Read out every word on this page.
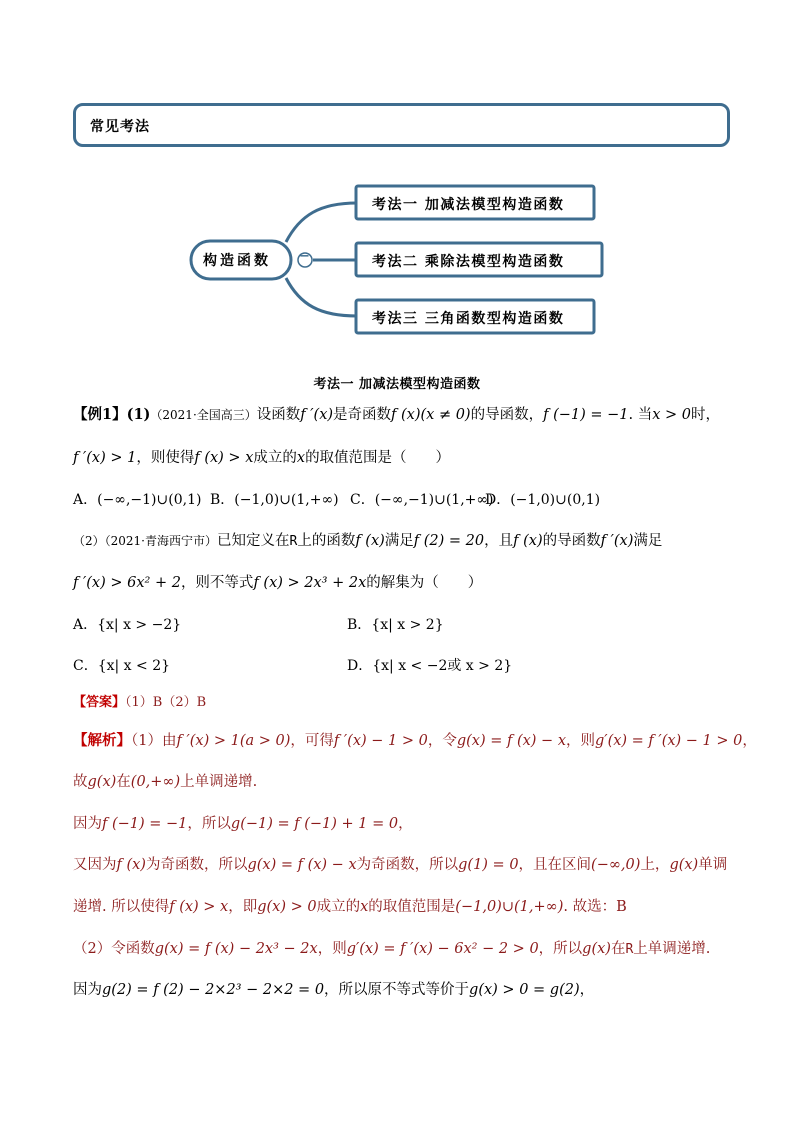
常见考法
构造函数 −
考法一 加减法模型构造函数
考法二 乘除法模型构造函数
考法三 三角函数型构造函数
考法一 加减法模型构造函数
【例1】(1)（2021·全国高三）设函数f ′(x)是奇函数f (x)(x ≠ 0)的导函数，f (−1) = −1. 当x > 0时，
f ′(x) > 1，则使得f (x) > x成立的x的取值范围是（　　）
A．(−∞,−1)∪(0,1) B．(−1,0)∪(1,+∞) C．(−∞,−1)∪(1,+∞)
D．(−1,0)∪(0,1)
（2）（2021·青海西宁市）已知定义在R上的函数f (x)满足f (2) = 20，且f (x)的导函数f ′(x)满足
f ′(x) > 6x² + 2，则不等式f (x) > 2x³ + 2x的解集为（　　）
A．{x| x > −2}	B．{x| x > 2}
C．{x| x < 2}	D．{x| x < −2或 x > 2}
【答案】（1）B（2）B
【解析】（1）由f ′(x) > 1(a > 0)，可得f ′(x) − 1 > 0，令g(x) = f (x) − x，则g′(x) = f ′(x) − 1 > 0，
故g(x)在(0,+∞)上单调递增.
因为f (−1) = −1，所以g(−1) = f (−1) + 1 = 0，
又因为f (x)为奇函数，所以g(x) = f (x) − x为奇函数，所以g(1) = 0，且在区间(−∞,0)上，g(x)单调
递增. 所以使得f (x) > x，即g(x) > 0成立的x的取值范围是(−1,0)∪(1,+∞). 故选：B
（2）令函数g(x) = f (x) − 2x³ − 2x，则g′(x) = f ′(x) − 6x² − 2 > 0，所以g(x)在R上单调递增.
因为g(2) = f (2) − 2×2³ − 2×2 = 0，所以原不等式等价于g(x) > 0 = g(2)，
